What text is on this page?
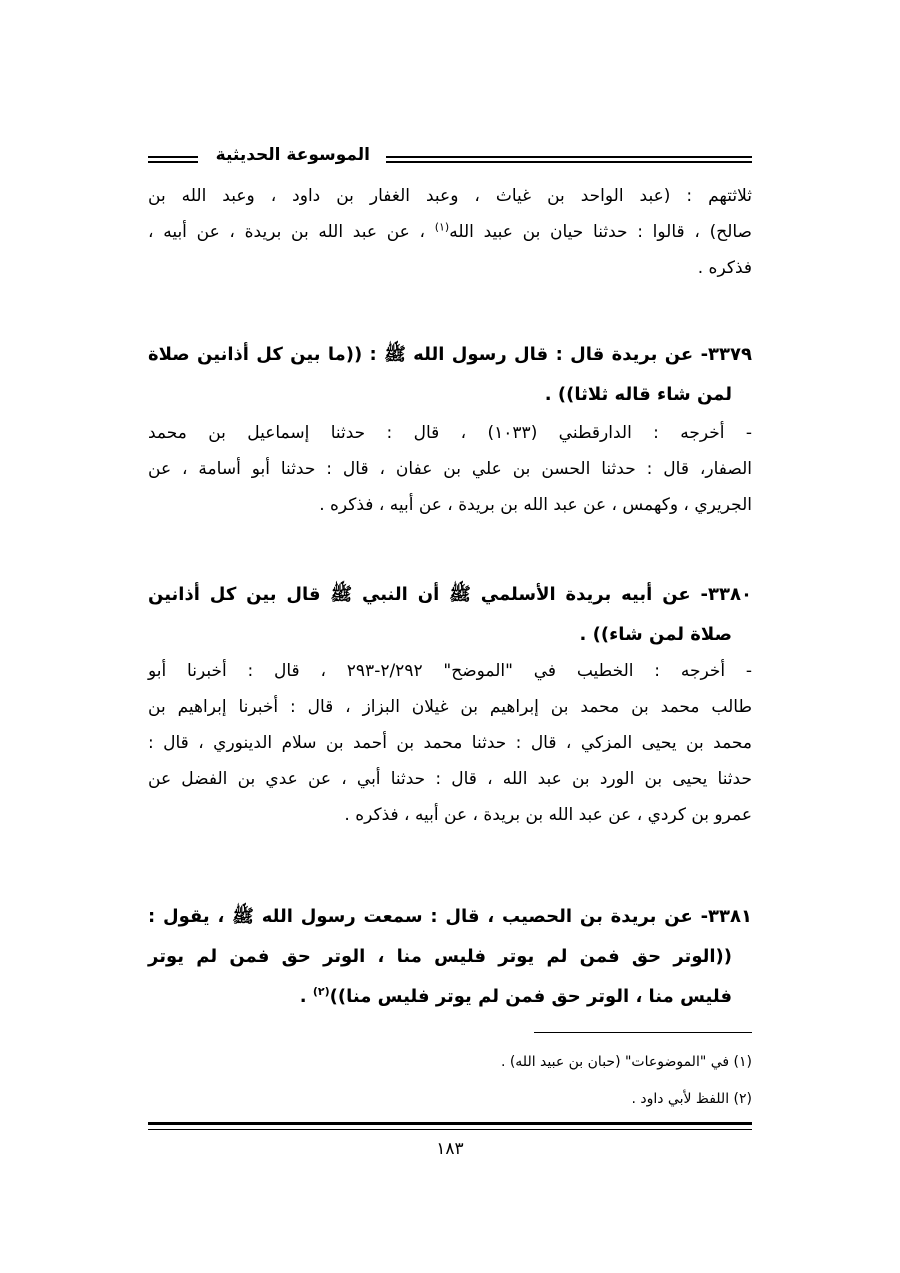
الموسوعة الحديثية
ثلاثتهم : (عبد الواحد بن غياث ، وعبد الغفار بن داود ، وعبد الله بن
صالح) ، قالوا : حدثنا حيان بن عبيد الله$^{(١)}$ ، عن عبد الله بن بريدة ، عن أبيه ،
فذكره .
٣٣٧٩- عن بريدة قال : قال رسول الله ﷺ : ((ما بين كل أذانين صلاة
لمن شاء قاله ثلاثا)) .
- أخرجه : الدارقطني (١٠٣٣) ، قال : حدثنا إسماعيل بن محمد
الصفار، قال : حدثنا الحسن بن علي بن عفان ، قال : حدثنا أبو أسامة ، عن
الجريري ، وكهمس ، عن عبد الله بن بريدة ، عن أبيه ، فذكره .
٣٣٨٠- عن أبيه بريدة الأسلمي ﷺ أن النبي ﷺ قال بين كل أذانين
صلاة لمن شاء)) .
- أخرجه : الخطيب في "الموضح" ٢/٢٩٢-٢٩٣ ، قال : أخبرنا أبو
طالب محمد بن محمد بن إبراهيم بن غيلان البزاز ، قال : أخبرنا إبراهيم بن
محمد بن يحيى المزكي ، قال : حدثنا محمد بن أحمد بن سلام الدينوري ، قال :
حدثنا يحيى بن الورد بن عبد الله ، قال : حدثنا أبي ، عن عدي بن الفضل عن
عمرو بن كردي ، عن عبد الله بن بريدة ، عن أبيه ، فذكره .
٣٣٨١- عن بريدة بن الحصيب ، قال : سمعت رسول الله ﷺ ، يقول :
((الوتر حق فمن لم يوتر فليس منا ، الوتر حق فمن لم يوتر
فليس منا ، الوتر حق فمن لم يوتر فليس منا))$^{(٢)}$ .
(١) في "الموضوعات" (حبان بن عبيد الله) .
(٢) اللفظ لأبي داود .
١٨٣
